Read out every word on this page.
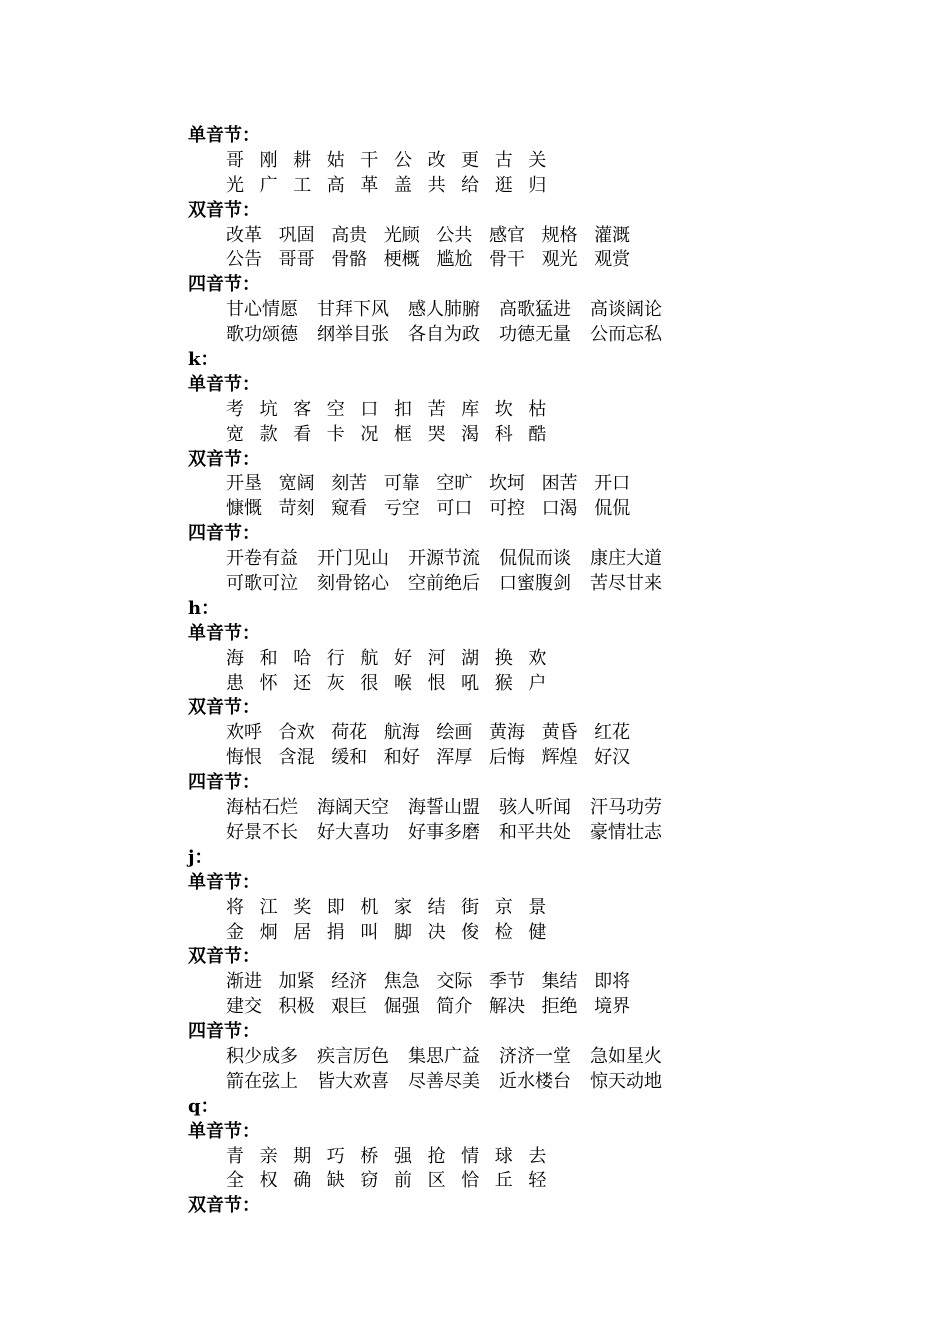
单音节：
哥 刚 耕 姑 干 公 改 更 古 关
光 广 工 高 革 盖 共 给 逛 归
双音节：
改革 巩固 高贵 光顾 公共 感官 规格 灌溉
公告 哥哥 骨骼 梗概 尴尬 骨干 观光 观赏
四音节：
甘心情愿 甘拜下风 感人肺腑 高歌猛进 高谈阔论
歌功颂德 纲举目张 各自为政 功德无量 公而忘私
k：
单音节：
考 坑 客 空 口 扣 苦 库 坎 枯
宽 款 看 卡 况 框 哭 渴 科 酷
双音节：
开垦 宽阔 刻苦 可靠 空旷 坎坷 困苦 开口
慷慨 苛刻 窥看 亏空 可口 可控 口渴 侃侃
四音节：
开卷有益 开门见山 开源节流 侃侃而谈 康庄大道
可歌可泣 刻骨铭心 空前绝后 口蜜腹剑 苦尽甘来
h：
单音节：
海 和 哈 行 航 好 河 湖 换 欢
患 怀 还 灰 很 喉 恨 吼 猴 户
双音节：
欢呼 合欢 荷花 航海 绘画 黄海 黄昏 红花
悔恨 含混 缓和 和好 浑厚 后悔 辉煌 好汉
四音节：
海枯石烂 海阔天空 海誓山盟 骇人听闻 汗马功劳
好景不长 好大喜功 好事多磨 和平共处 豪情壮志
j：
单音节：
将 江 奖 即 机 家 结 街 京 景
金 炯 居 捐 叫 脚 决 俊 检 健
双音节：
渐进 加紧 经济 焦急 交际 季节 集结 即将
建交 积极 艰巨 倔强 简介 解决 拒绝 境界
四音节：
积少成多 疾言厉色 集思广益 济济一堂 急如星火
箭在弦上 皆大欢喜 尽善尽美 近水楼台 惊天动地
q：
单音节：
青 亲 期 巧 桥 强 抢 情 球 去
全 权 确 缺 窃 前 区 恰 丘 轻
双音节：
